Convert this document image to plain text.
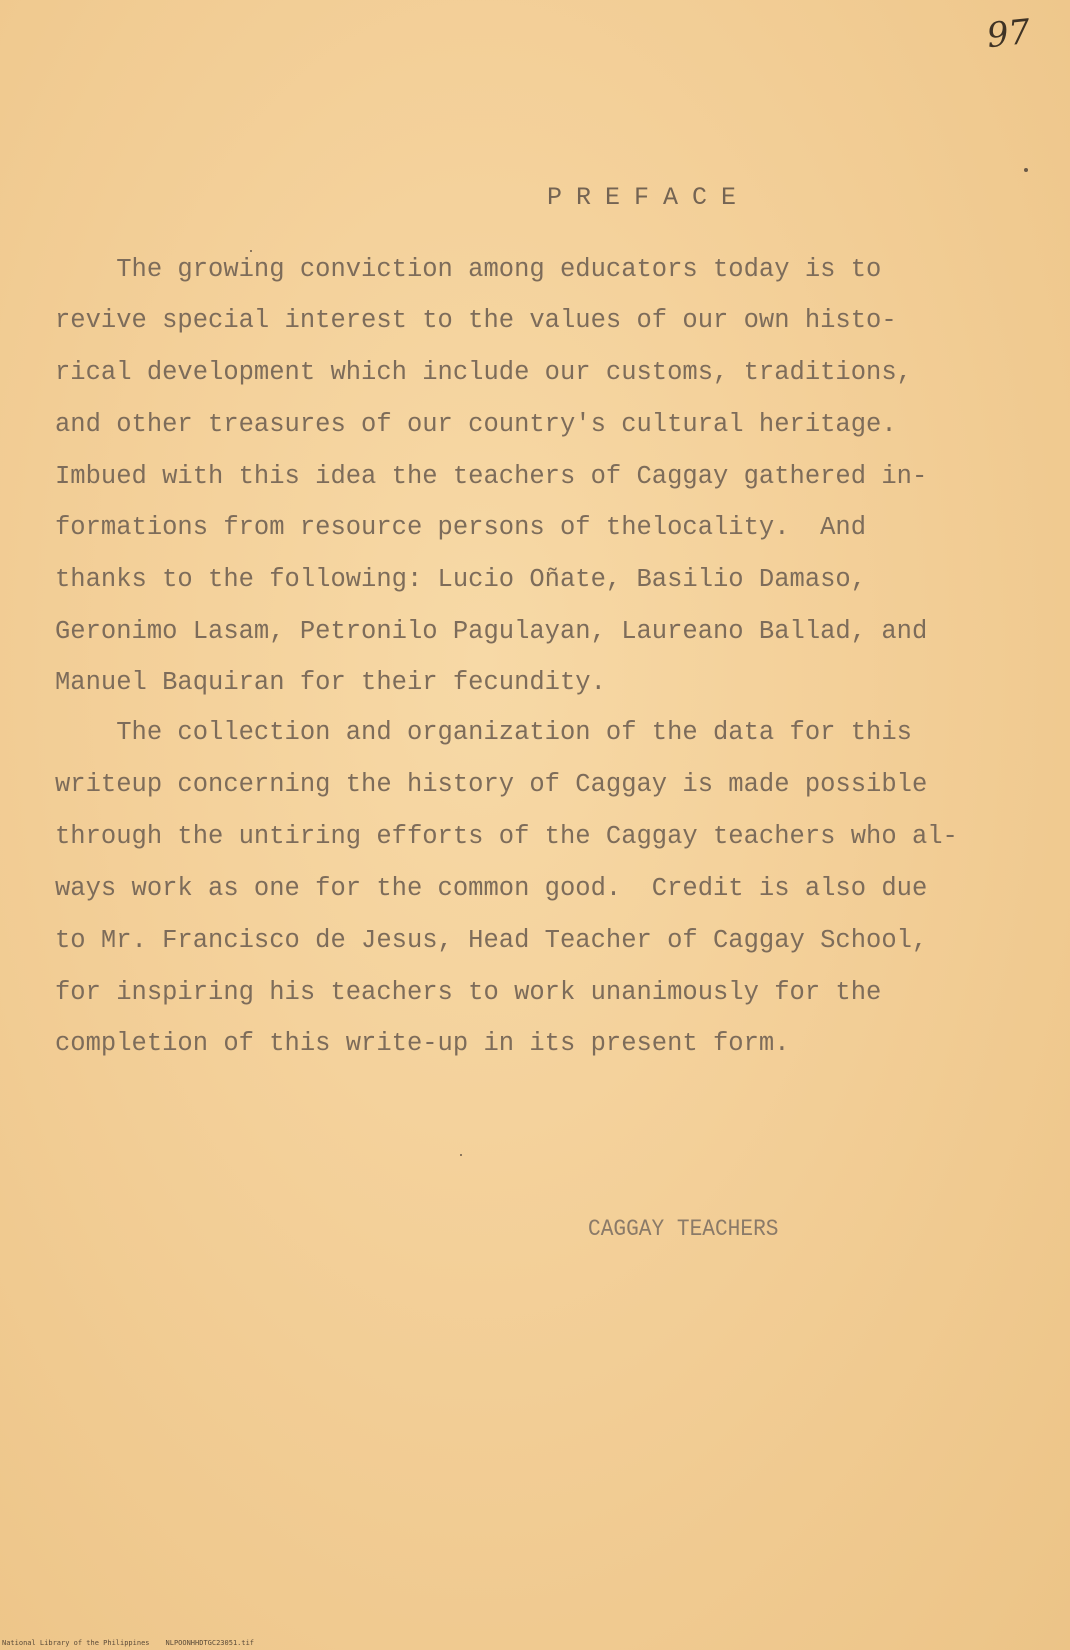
97
PREFACE
The growing conviction among educators today is to
revive special interest to the values of our own histo-
rical development which include our customs, traditions,
and other treasures of our country's cultural heritage.
Imbued with this idea the teachers of Caggay gathered in-
formations from resource persons of thelocality.  And
thanks to the following: Lucio Oñate, Basilio Damaso,
Geronimo Lasam, Petronilo Pagulayan, Laureano Ballad, and
Manuel Baquiran for their fecundity.
The collection and organization of the data for this
writeup concerning the history of Caggay is made possible
through the untiring efforts of the Caggay teachers who al-
ways work as one for the common good.  Credit is also due
to Mr. Francisco de Jesus, Head Teacher of Caggay School,
for inspiring his teachers to work unanimously for the
completion of this write-up in its present form.
CAGGAY TEACHERS
National Library of the Philippines NLPOONHHDTGC23051.tif
